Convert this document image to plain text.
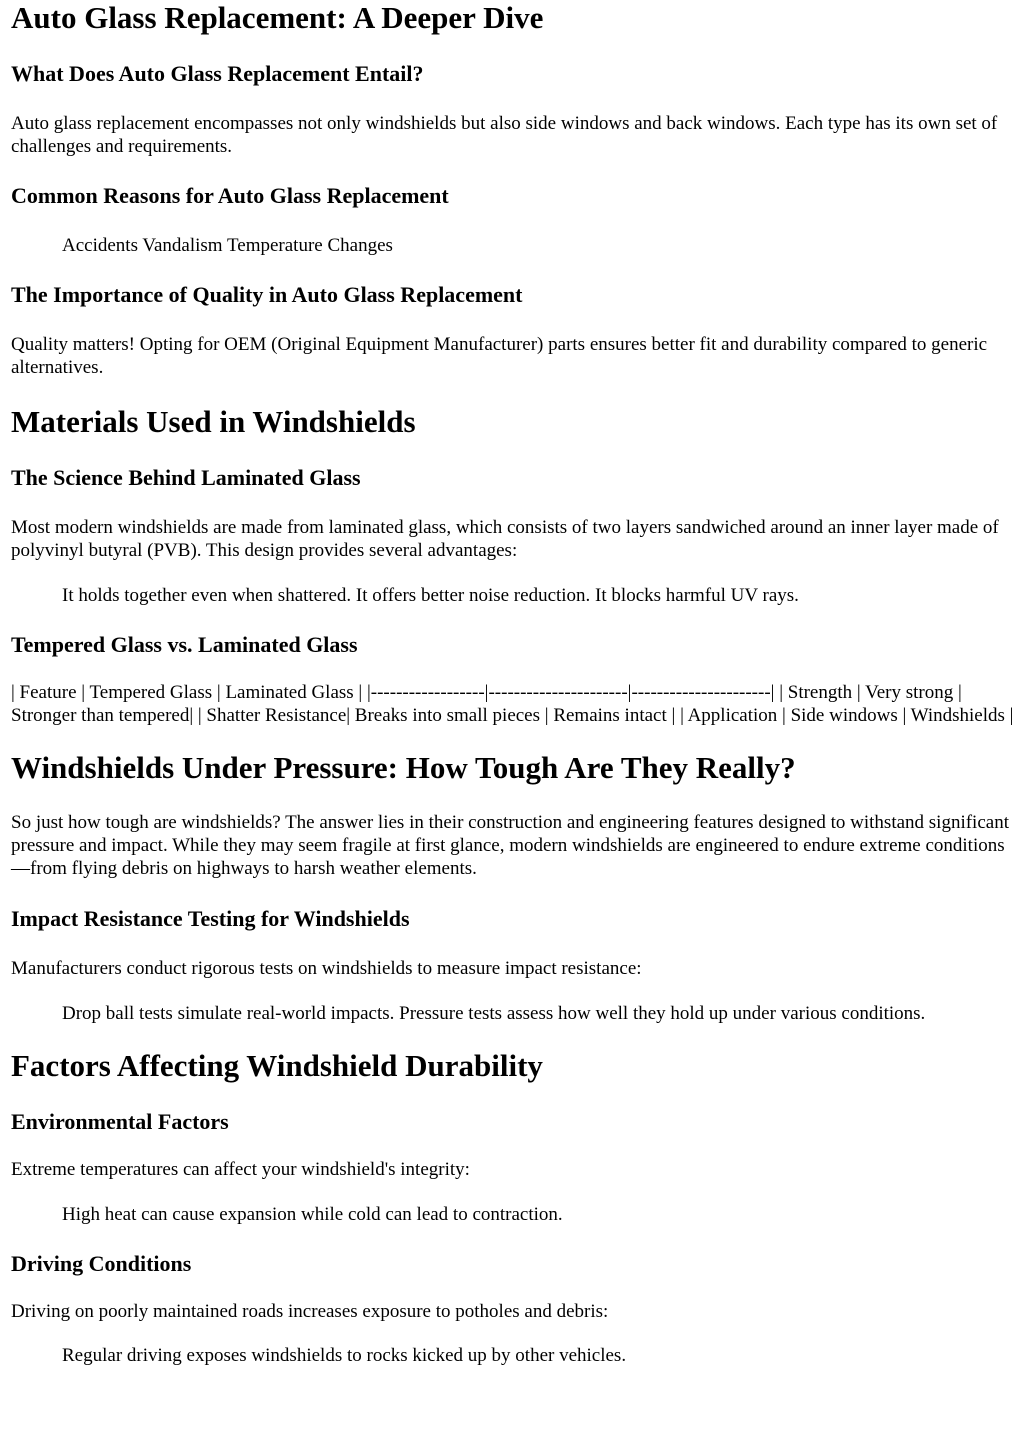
Auto Glass Replacement: A Deeper Dive
What Does Auto Glass Replacement Entail?

Auto glass replacement encompasses not only windshields but also side windows and back windows. Each type has its own set of challenges and requirements.

Common Reasons for Auto Glass Replacement
Accidents Vandalism Temperature Changes
The Importance of Quality in Auto Glass Replacement

Quality matters! Opting for OEM (Original Equipment Manufacturer) parts ensures better fit and durability compared to generic alternatives.

Materials Used in Windshields
The Science Behind Laminated Glass

Most modern windshields are made from laminated glass, which consists of two layers sandwiched around an inner layer made of polyvinyl butyral (PVB). This design provides several advantages:

It holds together even when shattered. It offers better noise reduction. It blocks harmful UV rays.
Tempered Glass vs. Laminated Glass

| Feature | Tempered Glass | Laminated Glass | |------------------|----------------------|----------------------| | Strength | Very strong | Stronger than tempered| | Shatter Resistance| Breaks into small pieces | Remains intact | | Application | Side windows | Windshields |

Windshields Under Pressure: How Tough Are They Really?

So just how tough are windshields? The answer lies in their construction and engineering features designed to withstand significant pressure and impact. While they may seem fragile at first glance, modern windshields are engineered to endure extreme conditions—from flying debris on highways to harsh weather elements.

Impact Resistance Testing for Windshields

Manufacturers conduct rigorous tests on windshields to measure impact resistance:

Drop ball tests simulate real-world impacts. Pressure tests assess how well they hold up under various conditions.
Factors Affecting Windshield Durability
Environmental Factors

Extreme temperatures can affect your windshield's integrity:

High heat can cause expansion while cold can lead to contraction.
Driving Conditions

Driving on poorly maintained roads increases exposure to potholes and debris:

Regular driving exposes windshields to rocks kicked up by other vehicles.
